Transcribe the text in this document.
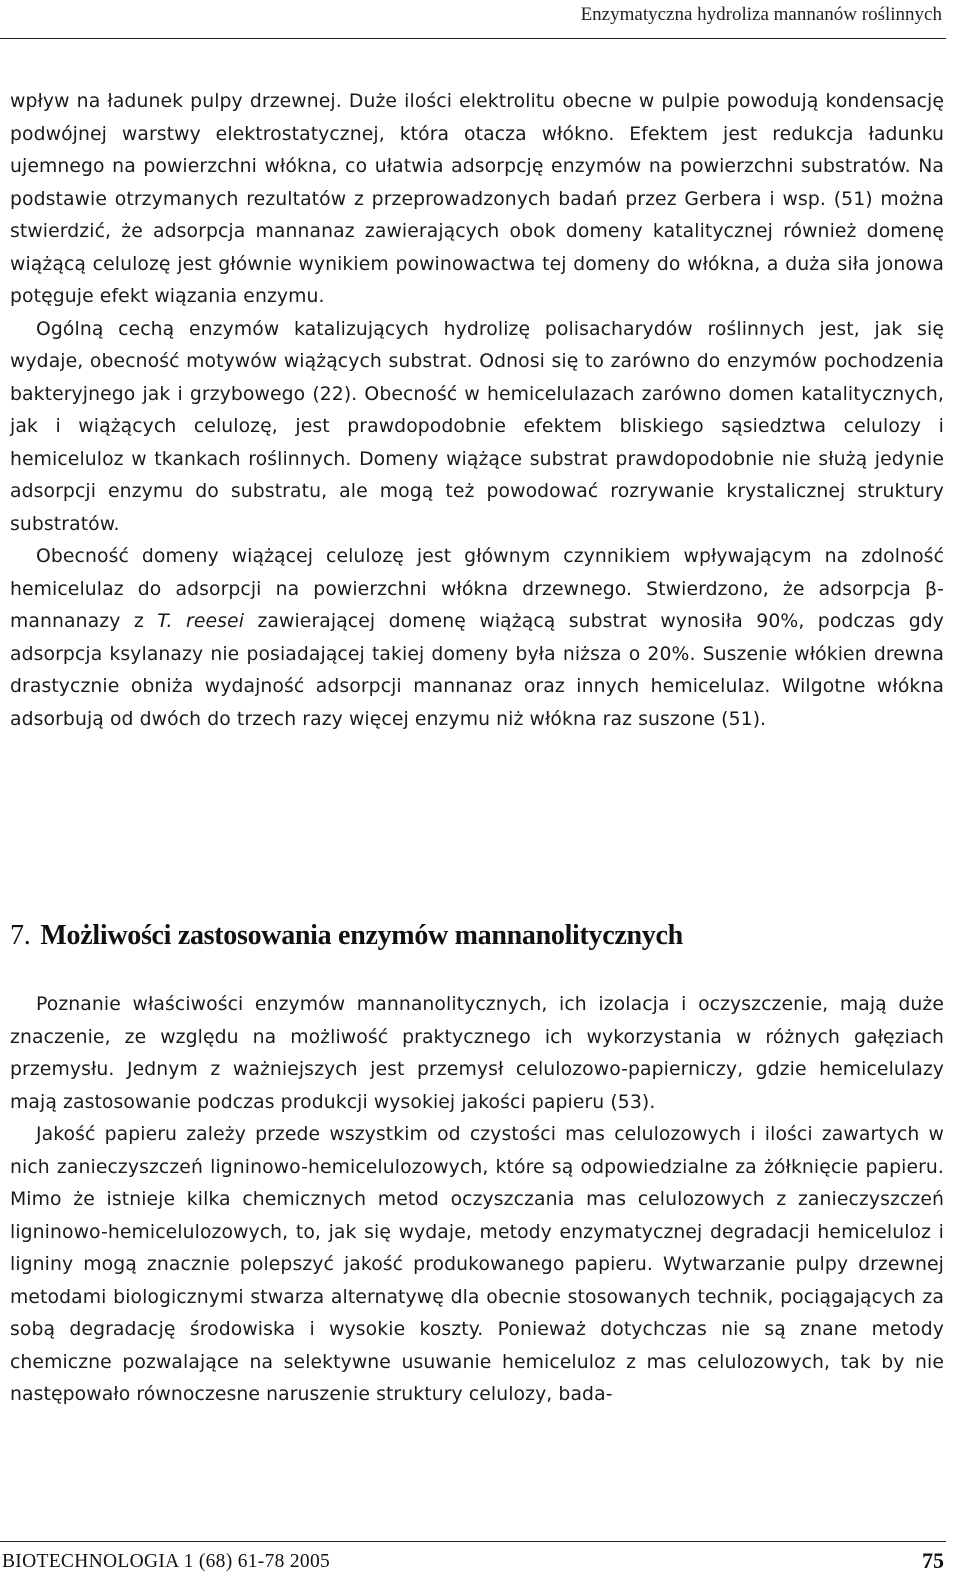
Enzymatyczna hydroliza mannanów roślinnych

wpływ na ładunek pulpy drzewnej. Duże ilości elektrolitu obecne w pulpie powodują kondensację podwójnej warstwy elektrostatycznej, która otacza włókno. Efektem jest redukcja ładunku ujemnego na powierzchni włókna, co ułatwia adsorpcję enzymów na powierzchni substratów. Na podstawie otrzymanych rezultatów z przeprowadzonych badań przez Gerbera i wsp. (51) można stwierdzić, że adsorpcja mannanaz zawierających obok domeny katalitycznej również domenę wiążącą celulozę jest głównie wynikiem powinowactwa tej domeny do włókna, a duża siła jonowa potęguje efekt wiązania enzymu.

Ogólną cechą enzymów katalizujących hydrolizę polisacharydów roślinnych jest, jak się wydaje, obecność motywów wiążących substrat. Odnosi się to zarówno do enzymów pochodzenia bakteryjnego jak i grzybowego (22). Obecność w hemicelulazach zarówno domen katalitycznych, jak i wiążących celulozę, jest prawdopodobnie efektem bliskiego sąsiedztwa celulozy i hemiceluloz w tkankach roślinnych. Domeny wiążące substrat prawdopodobnie nie służą jedynie adsorpcji enzymu do substratu, ale mogą też powodować rozrywanie krystalicznej struktury substratów.

Obecność domeny wiążącej celulozę jest głównym czynnikiem wpływającym na zdolność hemicelulaz do adsorpcji na powierzchni włókna drzewnego. Stwierdzono, że adsorpcja β-mannanazy z T. reesei zawierającej domenę wiążącą substrat wynosiła 90%, podczas gdy adsorpcja ksylanazy nie posiadającej takiej domeny była niższa o 20%. Suszenie włókien drewna drastycznie obniża wydajność adsorpcji mannanaz oraz innych hemicelulaz. Wilgotne włókna adsorbują od dwóch do trzech razy więcej enzymu niż włókna raz suszone (51).

7. Możliwości zastosowania enzymów mannanolitycznych

Poznanie właściwości enzymów mannanolitycznych, ich izolacja i oczyszczenie, mają duże znaczenie, ze względu na możliwość praktycznego ich wykorzystania w różnych gałęziach przemysłu. Jednym z ważniejszych jest przemysł celulozowo-papierniczy, gdzie hemicelulazy mają zastosowanie podczas produkcji wysokiej jakości papieru (53).

Jakość papieru zależy przede wszystkim od czystości mas celulozowych i ilości zawartych w nich zanieczyszczeń ligninowo-hemicelulozowych, które są odpowiedzialne za żółknięcie papieru. Mimo że istnieje kilka chemicznych metod oczyszczania mas celulozowych z zanieczyszczeń ligninowo-hemicelulozowych, to, jak się wydaje, metody enzymatycznej degradacji hemiceluloz i ligniny mogą znacznie polepszyć jakość produkowanego papieru. Wytwarzanie pulpy drzewnej metodami biologicznymi stwarza alternatywę dla obecnie stosowanych technik, pociągających za sobą degradację środowiska i wysokie koszty. Ponieważ dotychczas nie są znane metody chemiczne pozwalające na selektywne usuwanie hemiceluloz z mas celulozowych, tak by nie następowało równoczesne naruszenie struktury celulozy, bada-

BIOTECHNOLOGIA 1 (68) 61-78 2005	75
